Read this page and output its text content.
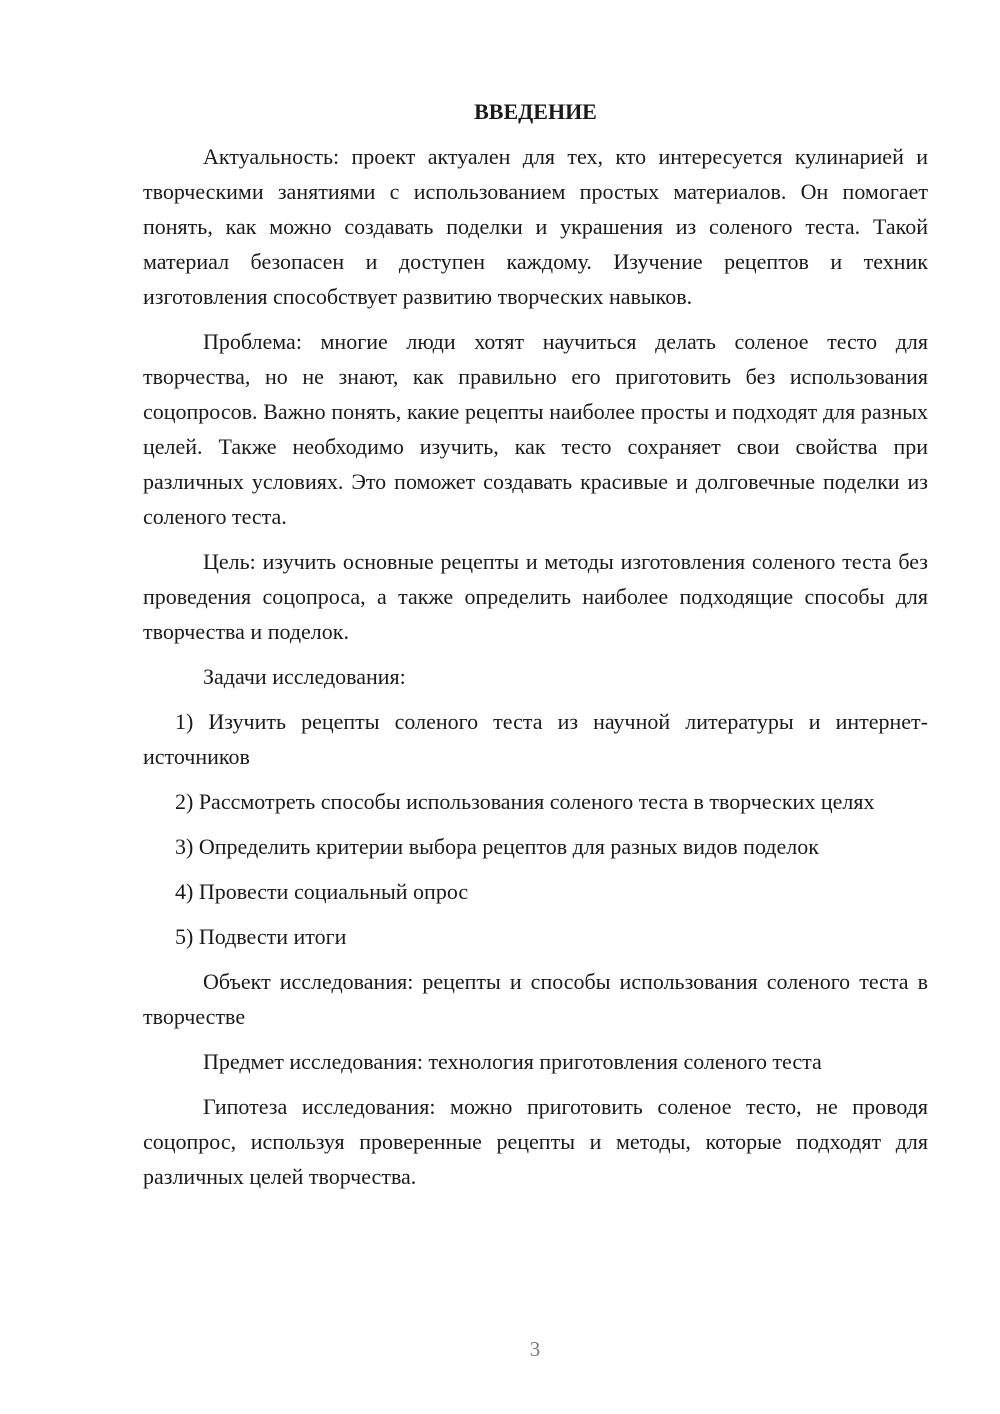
ВВЕДЕНИЕ

Актуальность: проект актуален для тех, кто интересуется кулинарией и творческими занятиями с использованием простых материалов. Он помогает понять, как можно создавать поделки и украшения из соленого теста. Такой материал безопасен и доступен каждому. Изучение рецептов и техник изготовления способствует развитию творческих навыков.

Проблема: многие люди хотят научиться делать соленое тесто для творчества, но не знают, как правильно его приготовить без использования соцопросов. Важно понять, какие рецепты наиболее просты и подходят для разных целей. Также необходимо изучить, как тесто сохраняет свои свойства при различных условиях. Это поможет создавать красивые и долговечные поделки из соленого теста.

Цель: изучить основные рецепты и методы изготовления соленого теста без проведения соцопроса, а также определить наиболее подходящие способы для творчества и поделок.

Задачи исследования:

1) Изучить рецепты соленого теста из научной литературы и интернет-источников

2) Рассмотреть способы использования соленого теста в творческих целях

3) Определить критерии выбора рецептов для разных видов поделок

4) Провести социальный опрос

5) Подвести итоги

Объект исследования: рецепты и способы использования соленого теста в творчестве

Предмет исследования: технология приготовления соленого теста

Гипотеза исследования: можно приготовить соленое тесто, не проводя соцопрос, используя проверенные рецепты и методы, которые подходят для различных целей творчества.

3
